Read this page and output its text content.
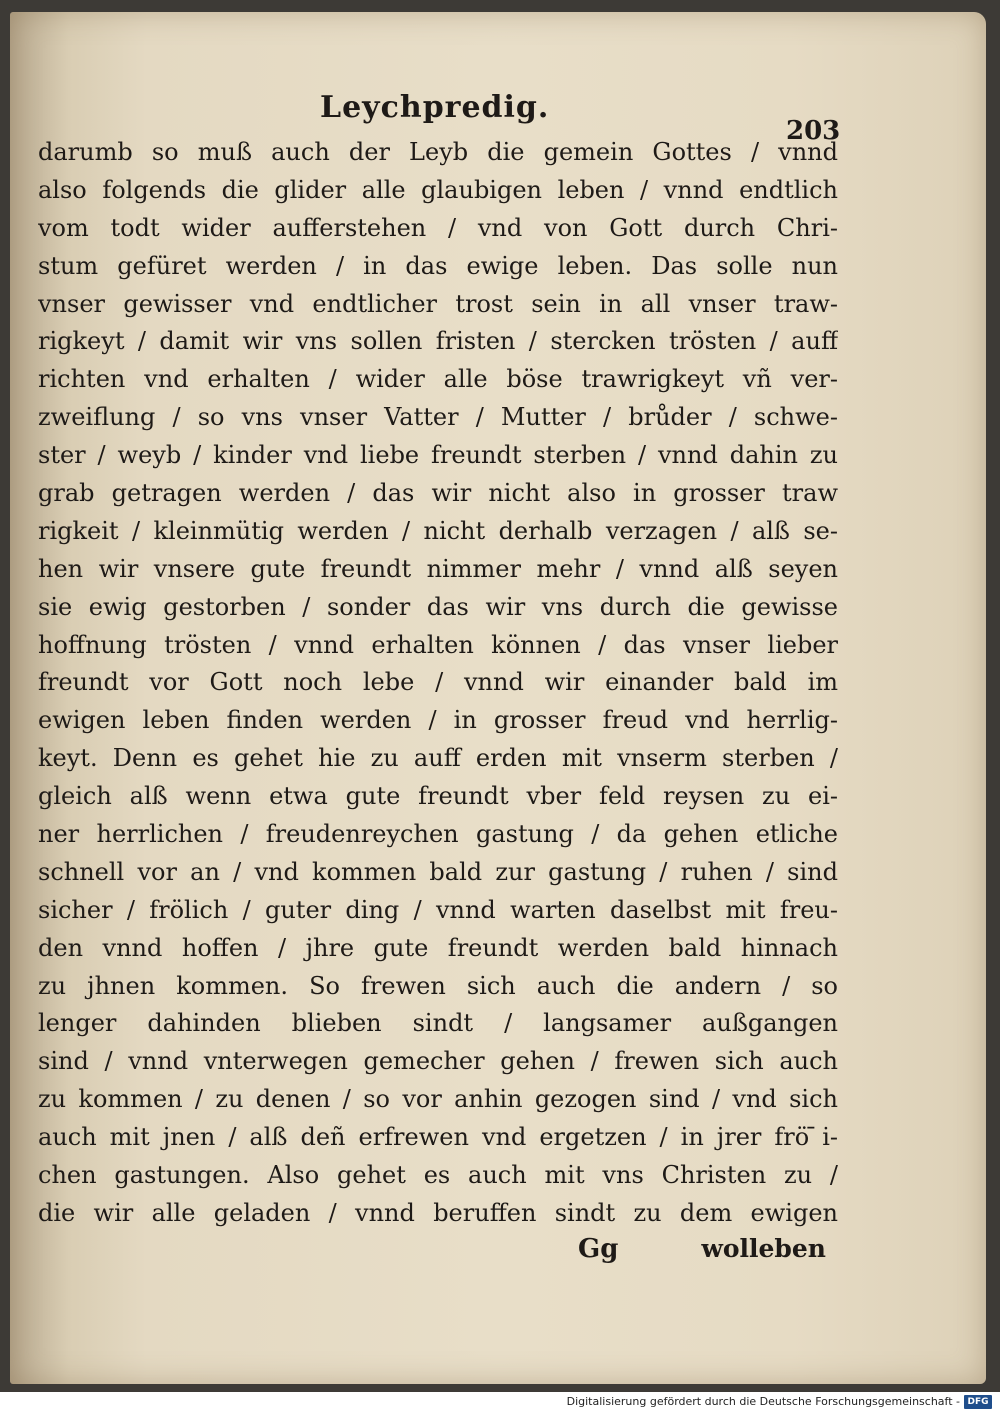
Leychpredig.
203
darumb so muß auch der Leyb die gemein Gottes / vnnd
also folgends die glider alle glaubigen leben / vnnd endtlich
vom todt wider aufferstehen / vnd von Gott durch Chri-
stum gefüret werden / in das ewige leben. Das solle nun
vnser gewisser vnd endtlicher trost sein in all vnser traw-
rigkeyt / damit wir vns sollen fristen / stercken trösten / auff
richten vnd erhalten / wider alle böse trawrigkeyt vñ ver-
zweiflung / so vns vnser Vatter / Mutter / brůder / schwe-
ster / weyb / kinder vnd liebe freundt sterben / vnnd dahin zu
grab getragen werden / das wir nicht also in grosser traw
rigkeit / kleinmütig werden / nicht derhalb verzagen / alß se-
hen wir vnsere gute freundt nimmer mehr / vnnd alß seyen
sie ewig gestorben / sonder das wir vns durch die gewisse
hoffnung trösten / vnnd erhalten können / das vnser lieber
freundt vor Gott noch lebe / vnnd wir einander bald im
ewigen leben finden werden / in grosser freud vnd herrlig-
keyt. Denn es gehet hie zu auff erden mit vnserm sterben /
gleich alß wenn etwa gute freundt vber feld reysen zu ei-
ner herrlichen / freudenreychen gastung / da gehen etliche
schnell vor an / vnd kommen bald zur gastung / ruhen / sind
sicher / frölich / guter ding / vnnd warten daselbst mit freu-
den vnnd hoffen / jhre gute freundt werden bald hinnach
zu jhnen kommen. So frewen sich auch die andern / so
lenger dahinden blieben sindt / langsamer außgangen
sind / vnnd vnterwegen gemecher gehen / frewen sich auch
zu kommen / zu denen / so vor anhin gezogen sind / vnd sich
auch mit jnen / alß deñ erfrewen vnd ergetzen / in jrer frö ̄i-
chen gastungen. Also gehet es auch mit vns Christen zu /
die wir alle geladen / vnnd beruffen sindt zu dem ewigen
Gg	wolleben
Digitalisierung gefördert durch die Deutsche Forschungsgemeinschaft - DFG
